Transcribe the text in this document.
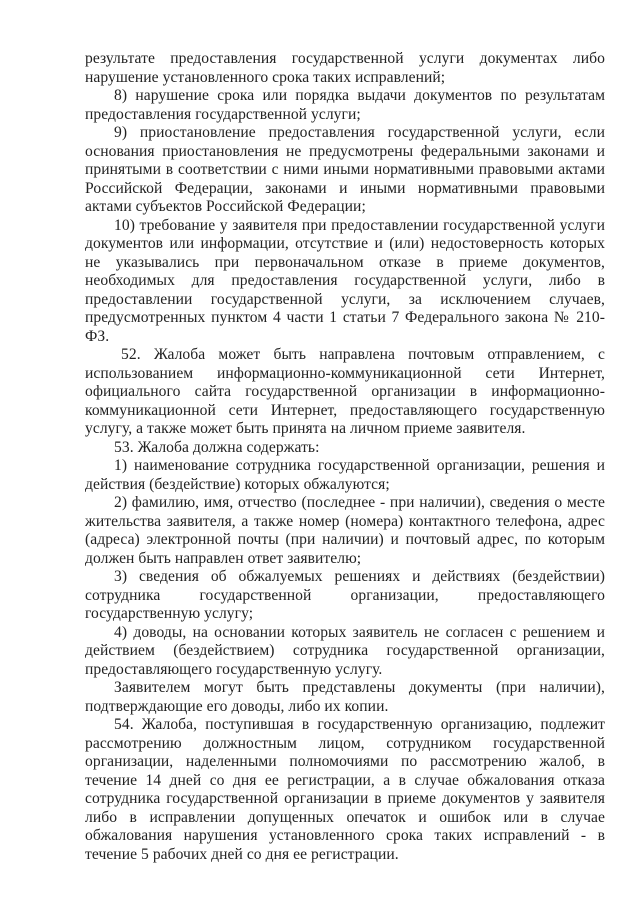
результате предоставления государственной услуги документах либо нарушение установленного срока таких исправлений;

8) нарушение срока или порядка выдачи документов по результатам предоставления государственной услуги;

9) приостановление предоставления государственной услуги, если основания приостановления не предусмотрены федеральными законами и принятыми в соответствии с ними иными нормативными правовыми актами Российской Федерации, законами и иными нормативными правовыми актами субъектов Российской Федерации;

10) требование у заявителя при предоставлении государственной услуги документов или информации, отсутствие и (или) недостоверность которых не указывались при первоначальном отказе в приеме документов, необходимых для предоставления государственной услуги, либо в предоставлении государственной услуги, за исключением случаев, предусмотренных пунктом 4 части 1 статьи 7 Федерального закона № 210-ФЗ.

52. Жалоба может быть направлена почтовым отправлением, с использованием информационно-коммуникационной сети Интернет, официального сайта государственной организации в информационно-коммуникационной сети Интернет, предоставляющего государственную услугу, а также может быть принята на личном приеме заявителя.

53. Жалоба должна содержать:

1) наименование сотрудника государственной организации, решения и действия (бездействие) которых обжалуются;

2) фамилию, имя, отчество (последнее - при наличии), сведения о месте жительства заявителя, а также номер (номера) контактного телефона, адрес (адреса) электронной почты (при наличии) и почтовый адрес, по которым должен быть направлен ответ заявителю;

3) сведения об обжалуемых решениях и действиях (бездействии) сотрудника государственной организации, предоставляющего государственную услугу;

4) доводы, на основании которых заявитель не согласен с решением и действием (бездействием) сотрудника государственной организации, предоставляющего государственную услугу.

Заявителем могут быть представлены документы (при наличии), подтверждающие его доводы, либо их копии.

54. Жалоба, поступившая в государственную организацию, подлежит рассмотрению должностным лицом, сотрудником государственной организации, наделенными полномочиями по рассмотрению жалоб, в течение 14 дней со дня ее регистрации, а в случае обжалования отказа сотрудника государственной организации в приеме документов у заявителя либо в исправлении допущенных опечаток и ошибок или в случае обжалования нарушения установленного срока таких исправлений - в течение 5 рабочих дней со дня ее регистрации.
